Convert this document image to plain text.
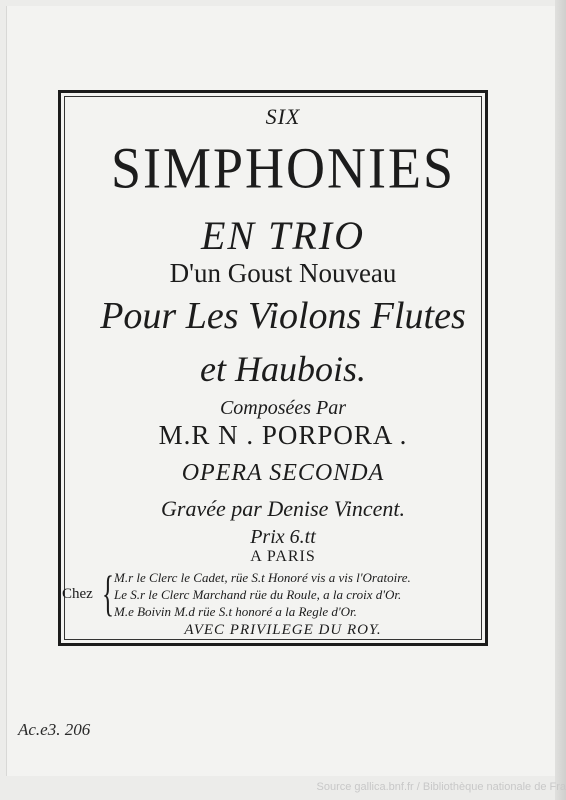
SIX
SIMPHONIES
EN TRIO
D'un Goust Nouveau
Pour Les Violons Flutes
et Haubois.
Composées Par
M.R N . PORPORA .
OPERA SECONDA
Gravée par Denise Vincent.
Prix 6.tt
A PARIS
Chez { M.r le Clerc le Cadet, rüe S.t Honoré vis a vis l'Oratoire.
Le S.r le Clerc Marchand rüe du Roule, a la croix d'Or.
M.e Boivin M.d rüe S.t honoré a la Regle d'Or.
AVEC PRIVILEGE DU ROY.
Ac.e3. 206
Source gallica.bnf.fr / Bibliothèque nationale de Fra
